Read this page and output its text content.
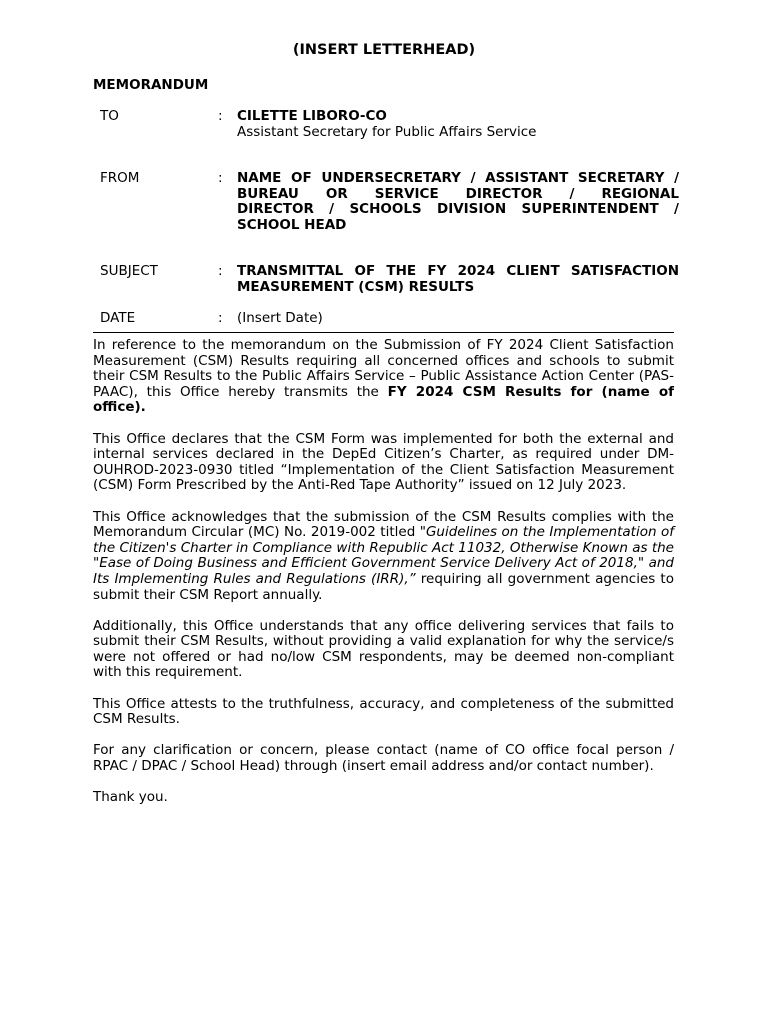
(INSERT LETTERHEAD)
MEMORANDUM
TO	: CILETTE LIBORO-CO
Assistant Secretary for Public Affairs Service
FROM	: NAME OF UNDERSECRETARY / ASSISTANT SECRETARY /
BUREAU OR SERVICE DIRECTOR / REGIONAL
DIRECTOR / SCHOOLS DIVISION SUPERINTENDENT /
SCHOOL HEAD
SUBJECT	: TRANSMITTAL OF THE FY 2024 CLIENT SATISFACTION
MEASUREMENT (CSM) RESULTS
DATE	: (Insert Date)

In reference to the memorandum on the Submission of FY 2024 Client Satisfaction Measurement (CSM) Results requiring all concerned offices and schools to submit their CSM Results to the Public Affairs Service – Public Assistance Action Center (PAS-PAAC), this Office hereby transmits the FY 2024 CSM Results for (name of office).

This Office declares that the CSM Form was implemented for both the external and internal services declared in the DepEd Citizen’s Charter, as required under DM-OUHROD-2023-0930 titled “Implementation of the Client Satisfaction Measurement (CSM) Form Prescribed by the Anti-Red Tape Authority” issued on 12 July 2023.

This Office acknowledges that the submission of the CSM Results complies with the Memorandum Circular (MC) No. 2019-002 titled "Guidelines on the Implementation of the Citizen's Charter in Compliance with Republic Act 11032, Otherwise Known as the "Ease of Doing Business and Efficient Government Service Delivery Act of 2018," and Its Implementing Rules and Regulations (IRR),” requiring all government agencies to submit their CSM Report annually.

Additionally, this Office understands that any office delivering services that fails to submit their CSM Results, without providing a valid explanation for why the service/s were not offered or had no/low CSM respondents, may be deemed non-compliant with this requirement.

This Office attests to the truthfulness, accuracy, and completeness of the submitted CSM Results.

For any clarification or concern, please contact (name of CO office focal person / RPAC / DPAC / School Head) through (insert email address and/or contact number).

Thank you.
